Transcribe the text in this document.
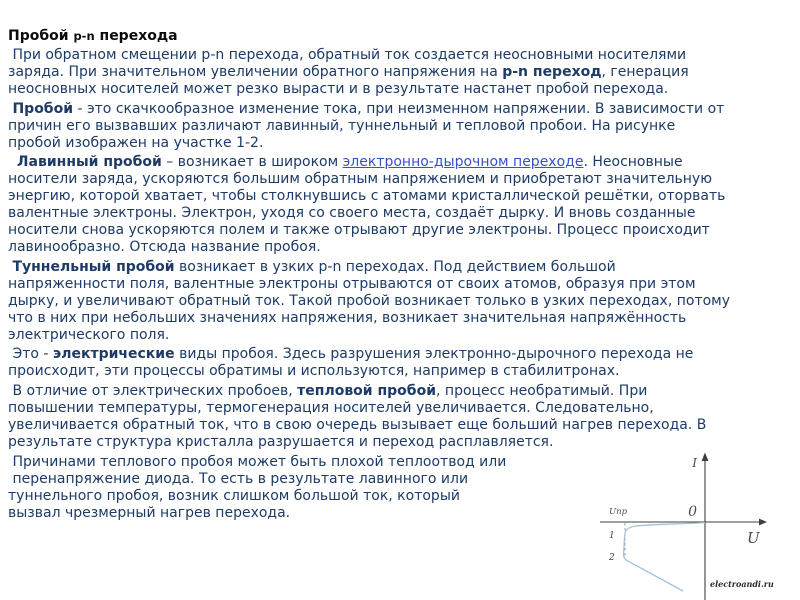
Пробой p-n перехода
При обратном смещении p-n перехода, обратный ток создается неосновными носителями
заряда. При значительном увеличении обратного напряжения на p-n переход, генерация
неосновных носителей может резко вырасти и в результате настанет пробой перехода.
Пробой - это скачкообразное изменение тока, при неизменном напряжении. В зависимости от
причин его вызвавших различают лавинный, туннельный и тепловой пробои. На рисунке
пробой изображен на участке 1-2.
Лавинный пробой – возникает в широком электронно-дырочном переходе. Неосновные
носители заряда, ускоряются большим обратным напряжением и приобретают значительную
энергию, которой хватает, чтобы столкнувшись с атомами кристаллической решётки, оторвать
валентные электроны. Электрон, уходя со своего места, создаёт дырку. И вновь созданные
носители снова ускоряются полем и также отрывают другие электроны. Процесс происходит
лавинообразно. Отсюда название пробоя.
Туннельный пробой возникает в узких p-n переходах. Под действием большой
напряженности поля, валентные электроны отрываются от своих атомов, образуя при этом
дырку, и увеличивают обратный ток. Такой пробой возникает только в узких переходах, потому
что в них при небольших значениях напряжения, возникает значительная напряжённость
электрического поля.
Это - электрические виды пробоя. Здесь разрушения электронно-дырочного перехода не
происходит, эти процессы обратимы и используются, например в стабилитронах.
В отличие от электрических пробоев, тепловой пробой, процесс необратимый. При
повышении температуры, термогенерация носителей увеличивается. Следовательно,
увеличивается обратный ток, что в свою очередь вызывает еще больший нагрев перехода. В
результате структура кристалла разрушается и переход расплавляется.
Причинами теплового пробоя может быть плохой теплоотвод или
перенапряжение диода. То есть в результате лавинного или
туннельного пробоя, возник слишком большой ток, который
вызвал чрезмерный нагрев перехода.
I
0
U
Uпр
1
2
electroandi.ru
